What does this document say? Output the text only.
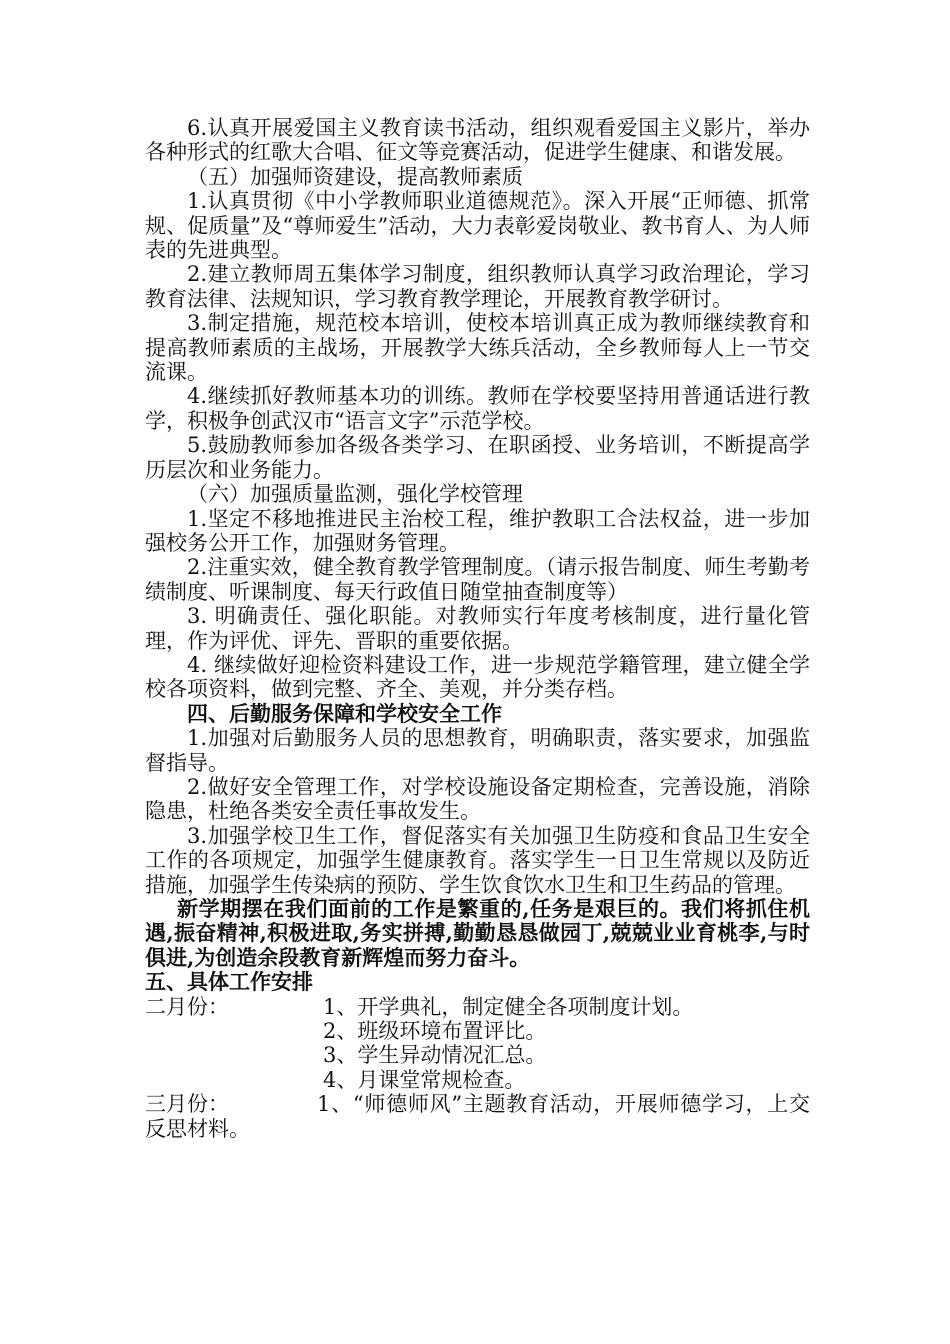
6.认真开展爱国主义教育读书活动，组织观看爱国主义影片，举办各种形式的红歌大合唱、征文等竞赛活动，促进学生健康、和谐发展。

（五）加强师资建设，提高教师素质

1.认真贯彻《中小学教师职业道德规范》。深入开展“正师德、抓常规、促质量”及“尊师爱生”活动，大力表彰爱岗敬业、教书育人、为人师表的先进典型。

2.建立教师周五集体学习制度，组织教师认真学习政治理论，学习教育法律、法规知识，学习教育教学理论，开展教育教学研讨。

3.制定措施，规范校本培训，使校本培训真正成为教师继续教育和提高教师素质的主战场，开展教学大练兵活动，全乡教师每人上一节交流课。

4.继续抓好教师基本功的训练。教师在学校要坚持用普通话进行教学，积极争创武汉市“语言文字”示范学校。

5.鼓励教师参加各级各类学习、在职函授、业务培训，不断提高学历层次和业务能力。

（六）加强质量监测，强化学校管理

1.坚定不移地推进民主治校工程，维护教职工合法权益，进一步加强校务公开工作，加强财务管理。

2.注重实效，健全教育教学管理制度。（请示报告制度、师生考勤考绩制度、听课制度、每天行政值日随堂抽查制度等）

3. 明确责任、强化职能。对教师实行年度考核制度，进行量化管理，作为评优、评先、晋职的重要依据。

4. 继续做好迎检资料建设工作，进一步规范学籍管理，建立健全学校各项资料，做到完整、齐全、美观，并分类存档。

四、后勤服务保障和学校安全工作

1.加强对后勤服务人员的思想教育，明确职责，落实要求，加强监督指导。

2.做好安全管理工作，对学校设施设备定期检查，完善设施，消除隐患，杜绝各类安全责任事故发生。

3.加强学校卫生工作，督促落实有关加强卫生防疫和食品卫生安全工作的各项规定，加强学生健康教育。落实学生一日卫生常规以及防近措施，加强学生传染病的预防、学生饮食饮水卫生和卫生药品的管理。

新学期摆在我们面前的工作是繁重的,任务是艰巨的。我们将抓住机遇,振奋精神,积极进取,务实拼搏,勤勤恳恳做园丁,兢兢业业育桃李,与时俱进,为创造余段教育新辉煌而努力奋斗。

五、具体工作安排

二月份：	1、开学典礼，制定健全各项制度计划。
2、班级环境布置评比。
3、学生异动情况汇总。
4、月课堂常规检查。

三月份：	1、“师德师风”主题教育活动，开展师德学习，上交反思材料。
